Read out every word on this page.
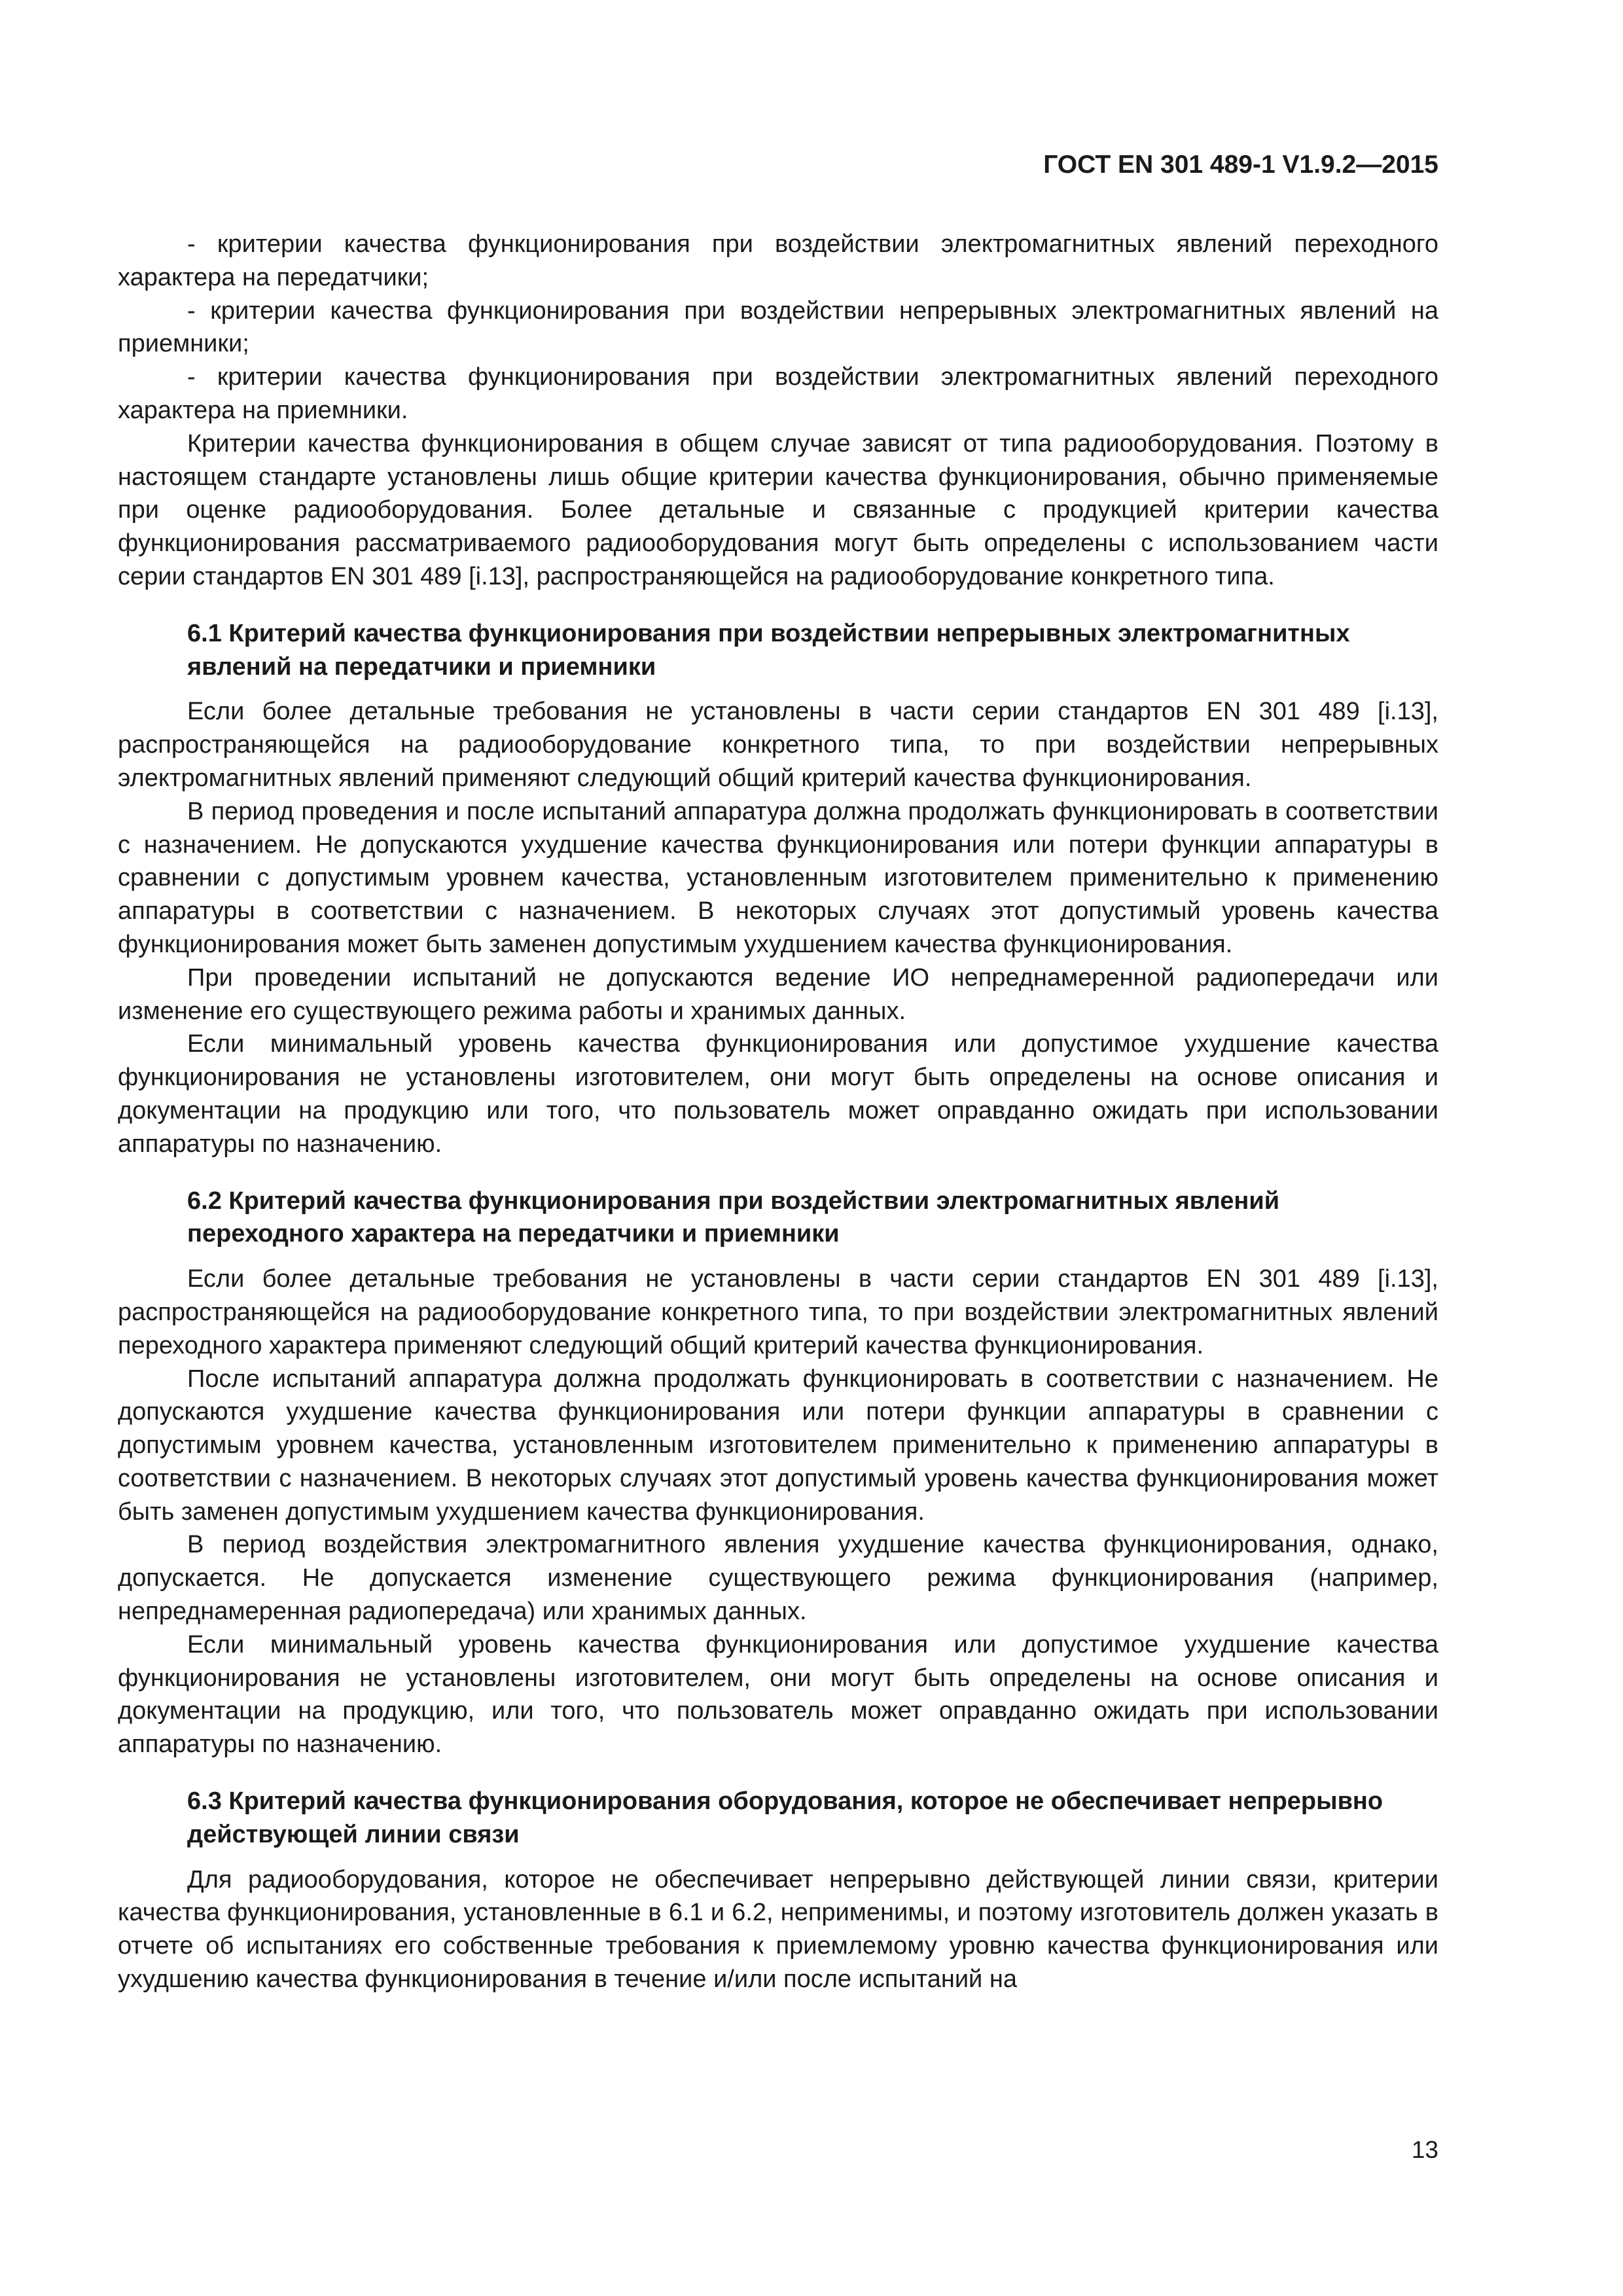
ГОСТ EN 301 489-1 V1.9.2—2015

- критерии качества функционирования при воздействии электромагнитных явлений переходного характера на передатчики;

- критерии качества функционирования при воздействии непрерывных электромагнитных явлений на приемники;

- критерии качества функционирования при воздействии электромагнитных явлений переходного характера на приемники.

Критерии качества функционирования в общем случае зависят от типа радиооборудования. Поэтому в настоящем стандарте установлены лишь общие критерии качества функционирования, обычно применяемые при оценке радиооборудования. Более детальные и связанные с продукцией критерии качества функционирования рассматриваемого радиооборудования могут быть определены с использованием части серии стандартов EN 301 489 [i.13], распространяющейся на радиооборудование конкретного типа.

6.1 Критерий качества функционирования при воздействии непрерывных электромагнитных явлений на передатчики и приемники

Если более детальные требования не установлены в части серии стандартов EN 301 489 [i.13], распространяющейся на радиооборудование конкретного типа, то при воздействии непрерывных электромагнитных явлений применяют следующий общий критерий качества функционирования.

В период проведения и после испытаний аппаратура должна продолжать функционировать в соответствии с назначением. Не допускаются ухудшение качества функционирования или потери функции аппаратуры в сравнении с допустимым уровнем качества, установленным изготовителем применительно к применению аппаратуры в соответствии с назначением. В некоторых случаях этот допустимый уровень качества функционирования может быть заменен допустимым ухудшением качества функционирования.

При проведении испытаний не допускаются ведение ИО непреднамеренной радиопередачи или изменение его существующего режима работы и хранимых данных.

Если минимальный уровень качества функционирования или допустимое ухудшение качества функционирования не установлены изготовителем, они могут быть определены на основе описания и документации на продукцию или того, что пользователь может оправданно ожидать при использовании аппаратуры по назначению.

6.2 Критерий качества функционирования при воздействии электромагнитных явлений переходного характера на передатчики и приемники

Если более детальные требования не установлены в части серии стандартов EN 301 489 [i.13], распространяющейся на радиооборудование конкретного типа, то при воздействии электромагнитных явлений переходного характера применяют следующий общий критерий качества функционирования.

После испытаний аппаратура должна продолжать функционировать в соответствии с назначением. Не допускаются ухудшение качества функционирования или потери функции аппаратуры в сравнении с допустимым уровнем качества, установленным изготовителем применительно к применению аппаратуры в соответствии с назначением. В некоторых случаях этот допустимый уровень качества функционирования может быть заменен допустимым ухудшением качества функционирования.

В период воздействия электромагнитного явления ухудшение качества функционирования, однако, допускается. Не допускается изменение существующего режима функционирования (например, непреднамеренная радиопередача) или хранимых данных.

Если минимальный уровень качества функционирования или допустимое ухудшение качества функционирования не установлены изготовителем, они могут быть определены на основе описания и документации на продукцию, или того, что пользователь может оправданно ожидать при использовании аппаратуры по назначению.

6.3 Критерий качества функционирования оборудования, которое не обеспечивает непрерывно действующей линии связи

Для радиооборудования, которое не обеспечивает непрерывно действующей линии связи, критерии качества функционирования, установленные в 6.1 и 6.2, неприменимы, и поэтому изготовитель должен указать в отчете об испытаниях его собственные требования к приемлемому уровню качества функционирования или ухудшению качества функционирования в течение и/или после испытаний на

13
